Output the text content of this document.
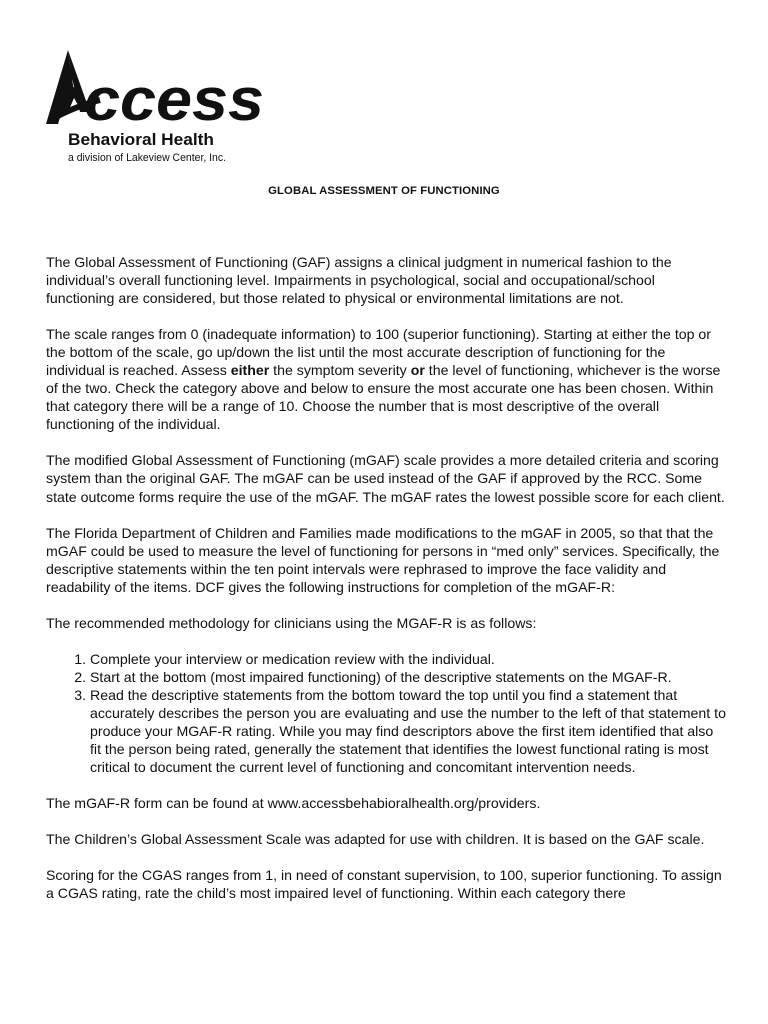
ccess
Behavioral Health
a division of Lakeview Center, Inc.
GLOBAL ASSESSMENT OF FUNCTIONING

The Global Assessment of Functioning (GAF) assigns a clinical judgment in numerical fashion to the individual’s overall functioning level. Impairments in psychological, social and occupational/school functioning are considered, but those related to physical or environmental limitations are not.

The scale ranges from 0 (inadequate information) to 100 (superior functioning). Starting at either the top or the bottom of the scale, go up/down the list until the most accurate description of functioning for the individual is reached. Assess either the symptom severity or the level of functioning, whichever is the worse of the two. Check the category above and below to ensure the most accurate one has been chosen. Within that category there will be a range of 10. Choose the number that is most descriptive of the overall functioning of the individual.

The modified Global Assessment of Functioning (mGAF) scale provides a more detailed criteria and scoring system than the original GAF. The mGAF can be used instead of the GAF if approved by the RCC. Some state outcome forms require the use of the mGAF. The mGAF rates the lowest possible score for each client.

The Florida Department of Children and Families made modifications to the mGAF in 2005, so that that the mGAF could be used to measure the level of functioning for persons in “med only” services. Specifically, the descriptive statements within the ten point intervals were rephrased to improve the face validity and readability of the items. DCF gives the following instructions for completion of the mGAF-R:

The recommended methodology for clinicians using the MGAF-R is as follows:

1. Complete your interview or medication review with the individual.
2. Start at the bottom (most impaired functioning) of the descriptive statements on the MGAF-R.
3. Read the descriptive statements from the bottom toward the top until you find a statement that accurately describes the person you are evaluating and use the number to the left of that statement to produce your MGAF-R rating. While you may find descriptors above the first item identified that also fit the person being rated, generally the statement that identifies the lowest functional rating is most critical to document the current level of functioning and concomitant intervention needs.

The mGAF-R form can be found at www.accessbehabioralhealth.org/providers.

The Children’s Global Assessment Scale was adapted for use with children. It is based on the GAF scale.

Scoring for the CGAS ranges from 1, in need of constant supervision, to 100, superior functioning. To assign a CGAS rating, rate the child’s most impaired level of functioning. Within each category there
